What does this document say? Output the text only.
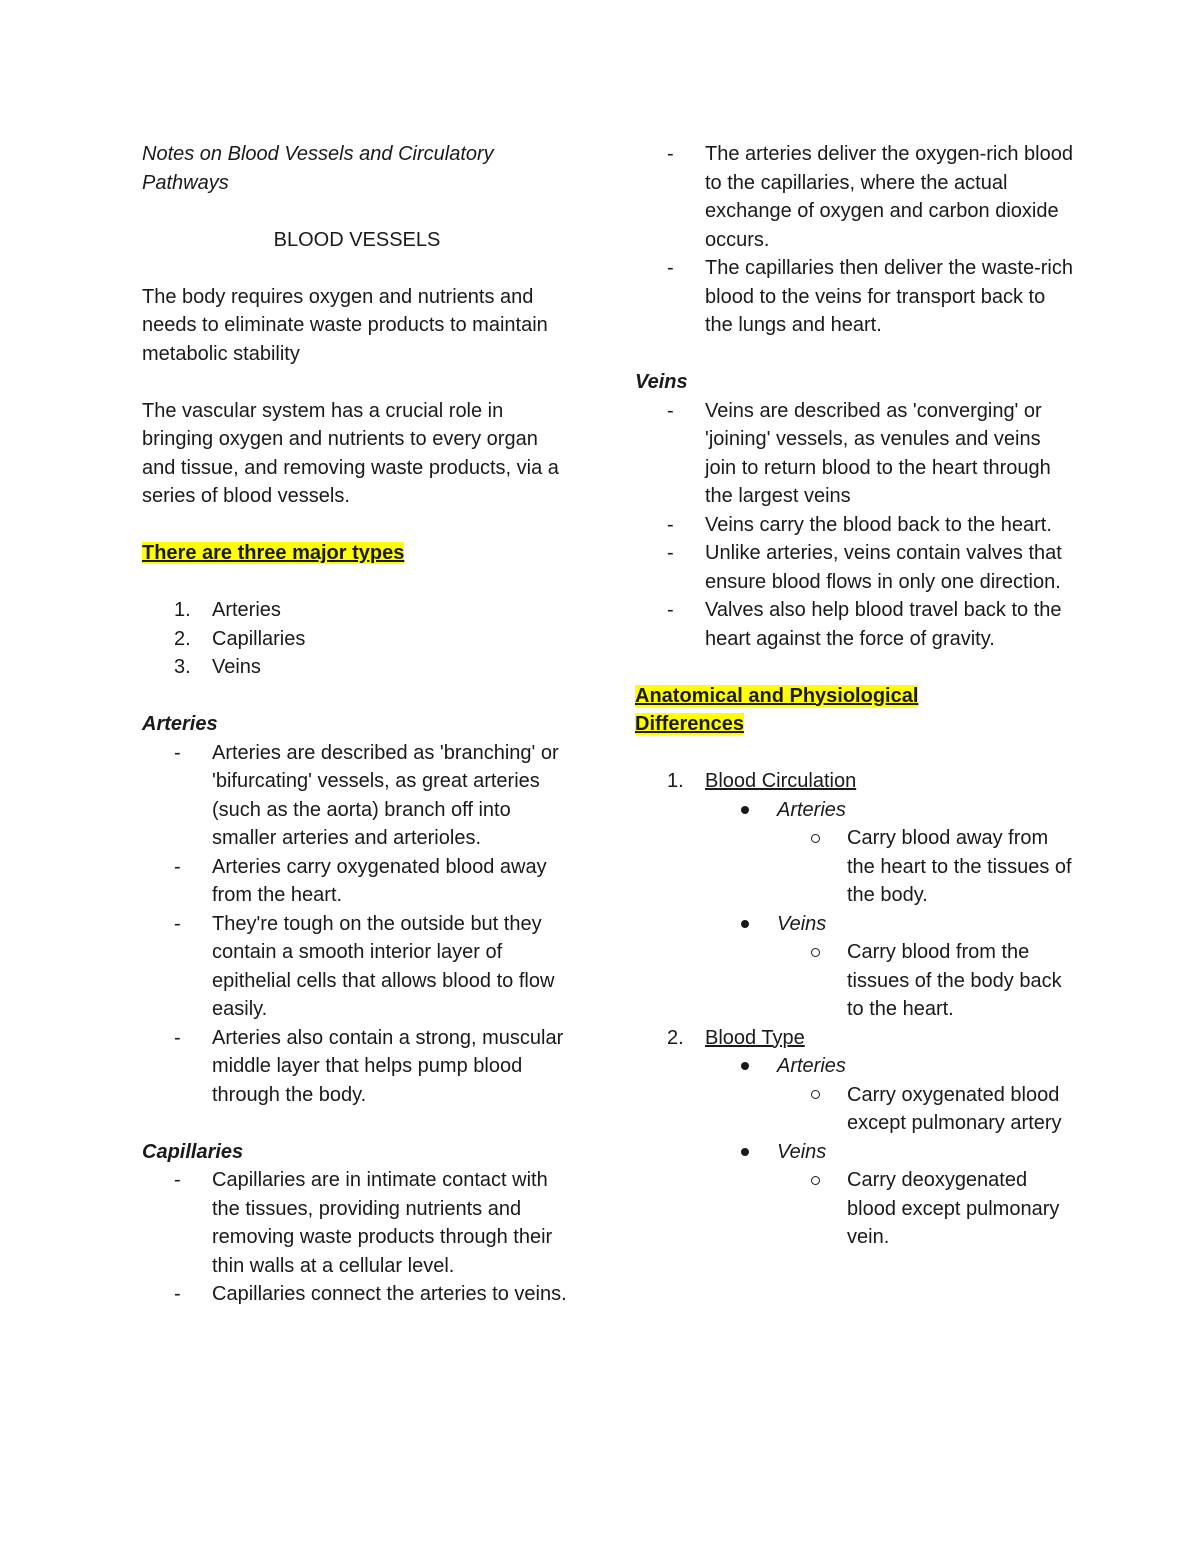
Notes on Blood Vessels and Circulatory Pathways

BLOOD VESSELS

The body requires oxygen and nutrients and needs to eliminate waste products to maintain metabolic stability

The vascular system has a crucial role in bringing oxygen and nutrients to every organ and tissue, and removing waste products, via a series of blood vessels.

There are three major types

1.	Arteries
2.	Capillaries
3.	Veins

Arteries

-	Arteries are described as 'branching' or 'bifurcating' vessels, as great arteries (such as the aorta) branch off into smaller arteries and arterioles.
-	Arteries carry oxygenated blood away from the heart.
-	They're tough on the outside but they contain a smooth interior layer of epithelial cells that allows blood to flow easily.
-	Arteries also contain a strong, muscular middle layer that helps pump blood through the body.

Capillaries

-	Capillaries are in intimate contact with the tissues, providing nutrients and removing waste products through their thin walls at a cellular level.
-	Capillaries connect the arteries to veins.
-	The arteries deliver the oxygen-rich blood to the capillaries, where the actual exchange of oxygen and carbon dioxide occurs.
-	The capillaries then deliver the waste-rich blood to the veins for transport back to the lungs and heart.

Veins

-	Veins are described as 'converging' or 'joining' vessels, as venules and veins join to return blood to the heart through the largest veins
-	Veins carry the blood back to the heart.
-	Unlike arteries, veins contain valves that ensure blood flows in only one direction.
-	Valves also help blood travel back to the heart against the force of gravity.

Anatomical and Physiological Differences

1.	Blood Circulation
Arteries
Carry blood away from the heart to the tissues of the body.
Veins
Carry blood from the tissues of the body back to the heart.
2.	Blood Type
Arteries
Carry oxygenated blood except pulmonary artery
Veins
Carry deoxygenated blood except pulmonary vein.
